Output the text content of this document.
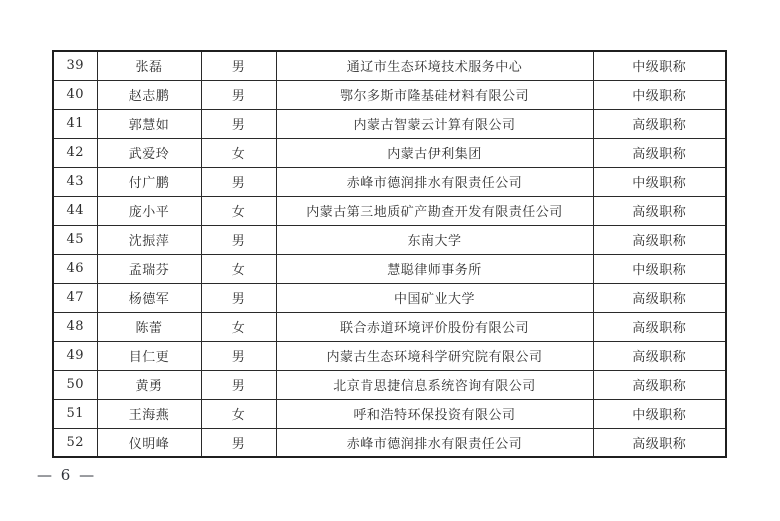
39	张磊	男	通辽市生态环境技术服务中心	中级职称
40	赵志鹏	男	鄂尔多斯市隆基硅材料有限公司	中级职称
41	郭慧如	男	内蒙古智蒙云计算有限公司	高级职称
42	武爱玲	女	内蒙古伊利集团	高级职称
43	付广鹏	男	赤峰市德润排水有限责任公司	中级职称
44	庞小平	女	内蒙古第三地质矿产勘查开发有限责任公司	高级职称
45	沈振萍	男	东南大学	高级职称
46	孟瑞芬	女	慧聪律师事务所	中级职称
47	杨德军	男	中国矿业大学	高级职称
48	陈蕾	女	联合赤道环境评价股份有限公司	高级职称
49	目仁更	男	内蒙古生态环境科学研究院有限公司	高级职称
50	黄勇	男	北京肯思捷信息系统咨询有限公司	高级职称
51	王海燕	女	呼和浩特环保投资有限公司	中级职称
52	仪明峰	男	赤峰市德润排水有限责任公司	高级职称
— 6 —
